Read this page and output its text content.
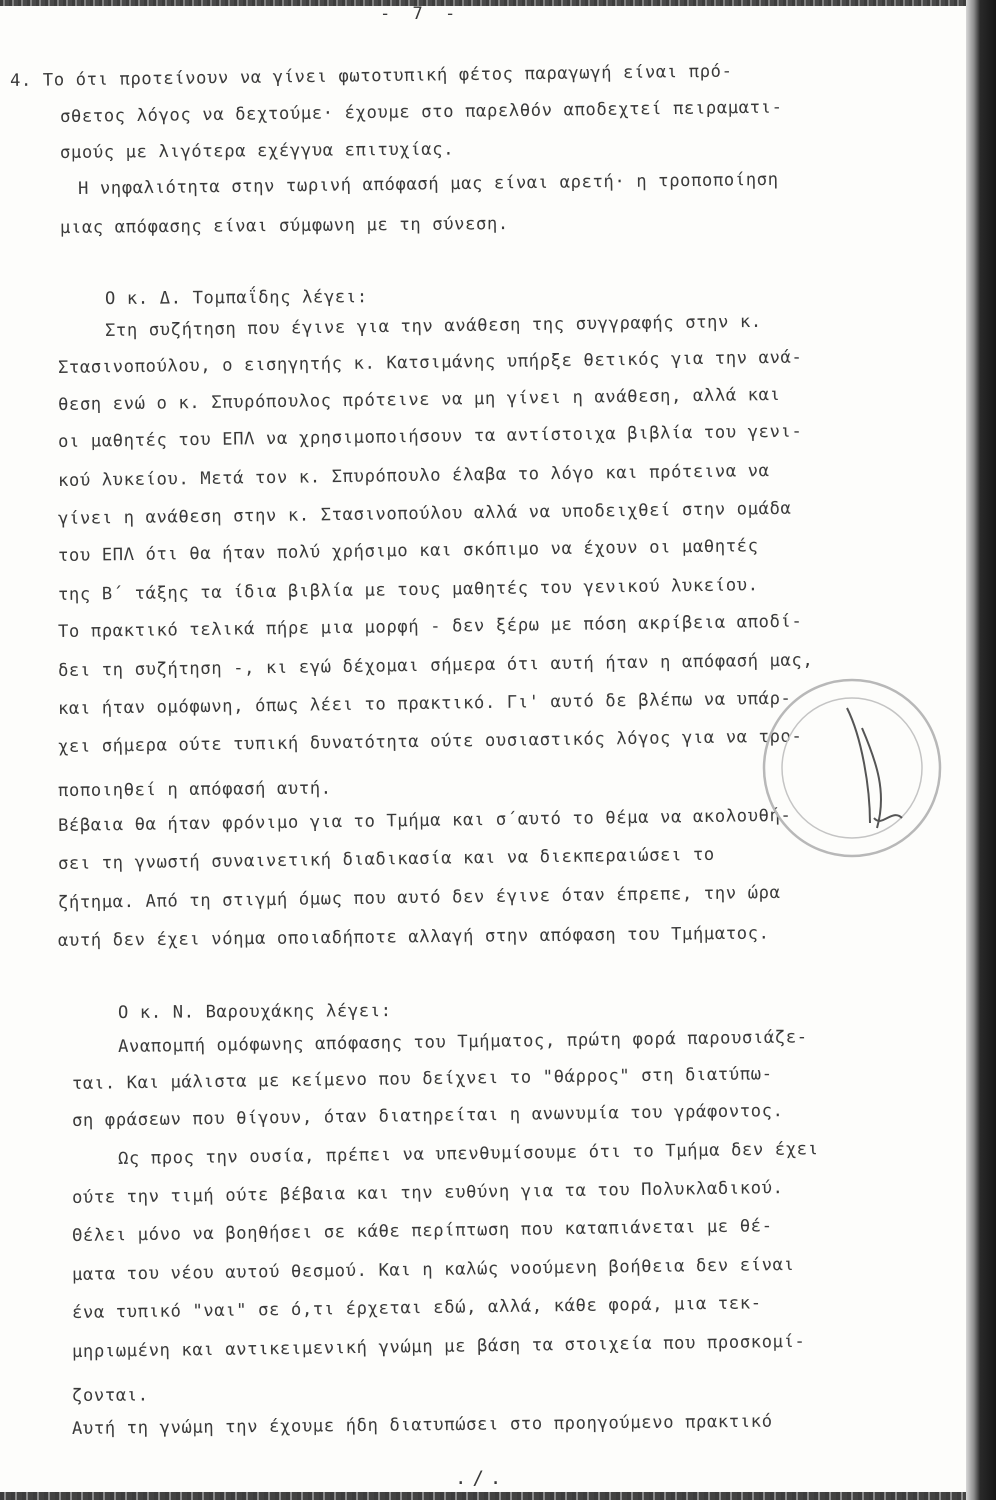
- 7 -
4. Το ότι προτείνουν να γίνει φωτοτυπική φέτος παραγωγή είναι πρό-
σθετος λόγος να δεχτούμε· έχουμε στο παρελθόν αποδεχτεί πειραματι-
σμούς με λιγότερα εχέγγυα επιτυχίας.
Η νηφαλιότητα στην τωρινή απόφασή μας είναι αρετή· η τροποποίηση
μιας απόφασης είναι σύμφωνη με τη σύνεση.
Ο κ. Δ. Τομπαΐδης λέγει:
Στη συζήτηση που έγινε για την ανάθεση της συγγραφής στην κ.
Στασινοπούλου, ο εισηγητής κ. Κατσιμάνης υπήρξε θετικός για την ανά-
θεση ενώ ο κ. Σπυρόπουλος πρότεινε να μη γίνει η ανάθεση, αλλά και
οι μαθητές του ΕΠΛ να χρησιμοποιήσουν τα αντίστοιχα βιβλία του γενι-
κού λυκείου. Μετά τον κ. Σπυρόπουλο έλαβα το λόγο και πρότεινα να
γίνει η ανάθεση στην κ. Στασινοπούλου αλλά να υποδειχθεί στην ομάδα
του ΕΠΛ ότι θα ήταν πολύ χρήσιμο και σκόπιμο να έχουν οι μαθητές
της Β΄ τάξης τα ίδια βιβλία με τους μαθητές του γενικού λυκείου.
Το πρακτικό τελικά πήρε μια μορφή - δεν ξέρω με πόση ακρίβεια αποδί-
δει τη συζήτηση -, κι εγώ δέχομαι σήμερα ότι αυτή ήταν η απόφασή μας,
και ήταν ομόφωνη, όπως λέει το πρακτικό. Γι' αυτό δε βλέπω να υπάρ-
χει σήμερα ούτε τυπική δυνατότητα ούτε ουσιαστικός λόγος για να τρο-
ποποιηθεί η απόφασή αυτή.
Βέβαια θα ήταν φρόνιμο για το Τμήμα και σ΄αυτό το θέμα να ακολουθή-
σει τη γνωστή συναινετική διαδικασία και να διεκπεραιώσει το
ζήτημα. Από τη στιγμή όμως που αυτό δεν έγινε όταν έπρεπε, την ώρα
αυτή δεν έχει νόημα οποιαδήποτε αλλαγή στην απόφαση του Τμήματος.
Ο κ. Ν. Βαρουχάκης λέγει:
Αναπομπή ομόφωνης απόφασης του Τμήματος, πρώτη φορά παρουσιάζε-
ται. Και μάλιστα με κείμενο που δείχνει το "θάρρος" στη διατύπω-
ση φράσεων που θίγουν, όταν διατηρείται η ανωνυμία του γράφοντος.
Ως προς την ουσία, πρέπει να υπενθυμίσουμε ότι το Τμήμα δεν έχει
ούτε την τιμή ούτε βέβαια και την ευθύνη για τα του Πολυκλαδικού.
Θέλει μόνο να βοηθήσει σε κάθε περίπτωση που καταπιάνεται με θέ-
ματα του νέου αυτού θεσμού. Και η καλώς νοούμενη βοήθεια δεν είναι
ένα τυπικό "ναι" σε ό,τι έρχεται εδώ, αλλά, κάθε φορά, μια τεκ-
μηριωμένη και αντικειμενική γνώμη με βάση τα στοιχεία που προσκομί-
ζονται.
Αυτή τη γνώμη την έχουμε ήδη διατυπώσει στο προηγούμενο πρακτικό
./.
